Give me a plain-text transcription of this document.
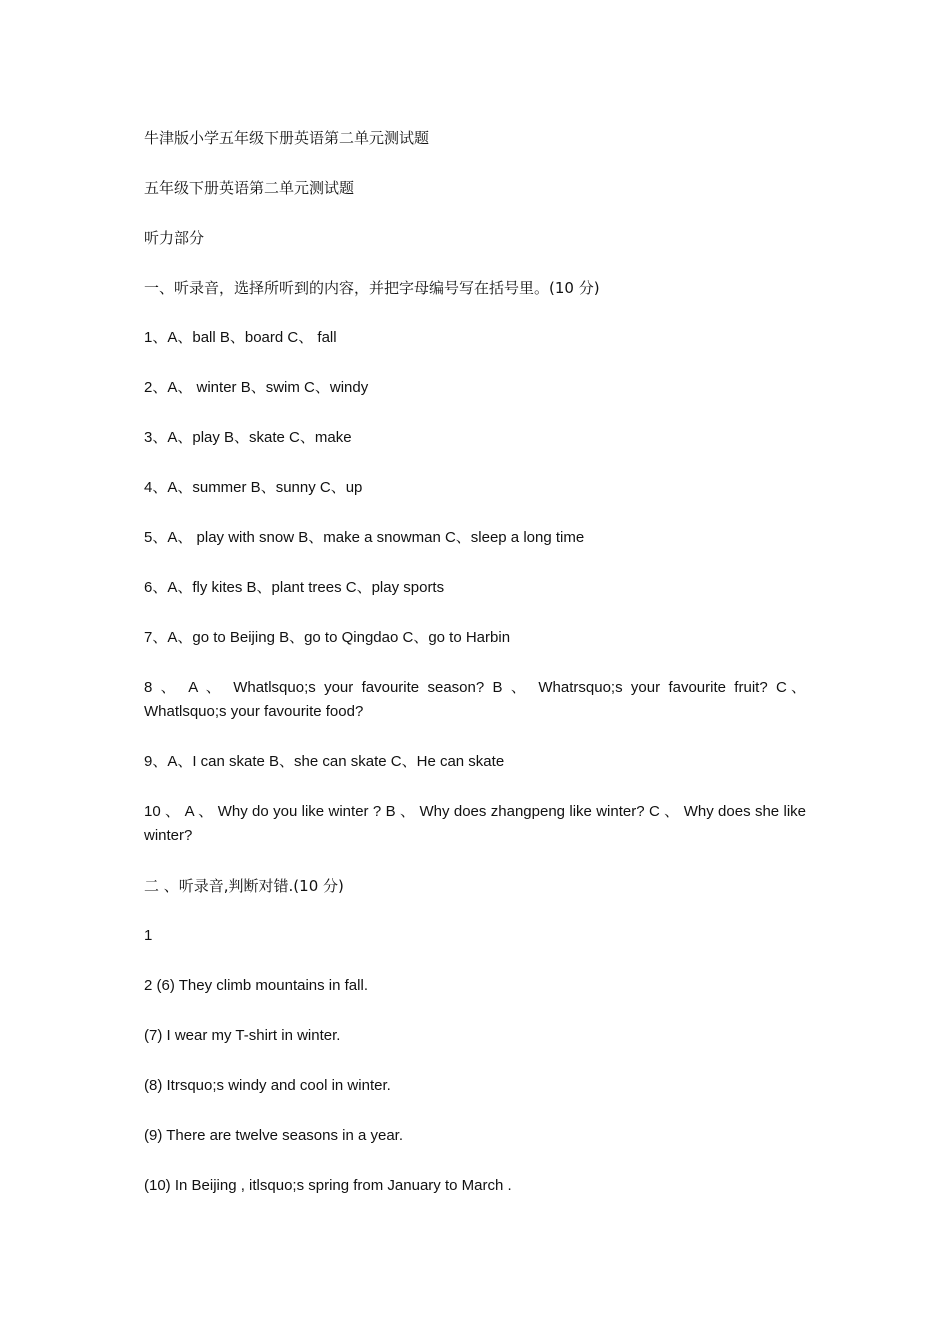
牛津版小学五年级下册英语第二单元测试题

五年级下册英语第二单元测试题

听力部分

一、听录音，选择所听到的内容，并把字母编号写在括号里。(10 分)

1、A、ball B、board C、 fall

2、A、 winter B、swim C、windy

3、A、play B、skate C、make

4、A、summer B、sunny C、up

5、A、 play with snow B、make a snowman C、sleep a long time

6、A、fly kites B、plant trees C、play sports

7、A、go to Beijing B、go to Qingdao C、go to Harbin

8 、 A 、 Whatlsquo;s your favourite season? B 、 Whatrsquo;s your favourite fruit? C、Whatlsquo;s your favourite food?

9、A、I can skate B、she can skate C、He can skate

10 、 A 、 Why do you like winter ? B 、 Why does zhangpeng like winter? C 、 Why does she like winter?

二 、听录音,判断对错.(10 分)

1

2 (6) They climb mountains in fall.

(7) I wear my T-shirt in winter.

(8) Itrsquo;s windy and cool in winter.

(9) There are twelve seasons in a year.

(10) In Beijing , itlsquo;s spring from January to March .
